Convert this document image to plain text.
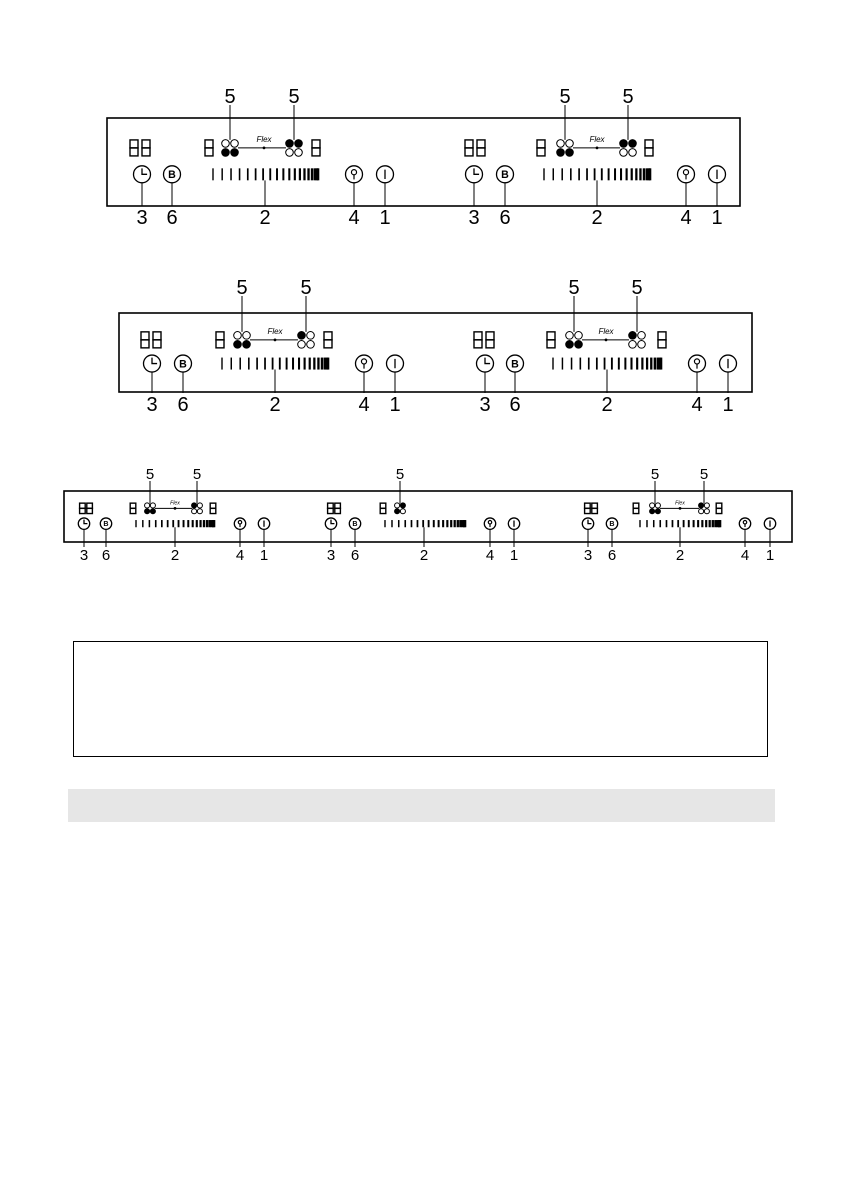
Flex
B
5	5
3 6	2	4 1
Flex
B
5	5
3 6	2	4 1
Flex
B
5	5
3 6	2	4 1
Flex
B
5	5
3 6	2	4 1
Flex
B
5	5
3 6	2	4 1
B
5
3 6	2	4 1
Flex
B
5	5
3 6	2	4 1
